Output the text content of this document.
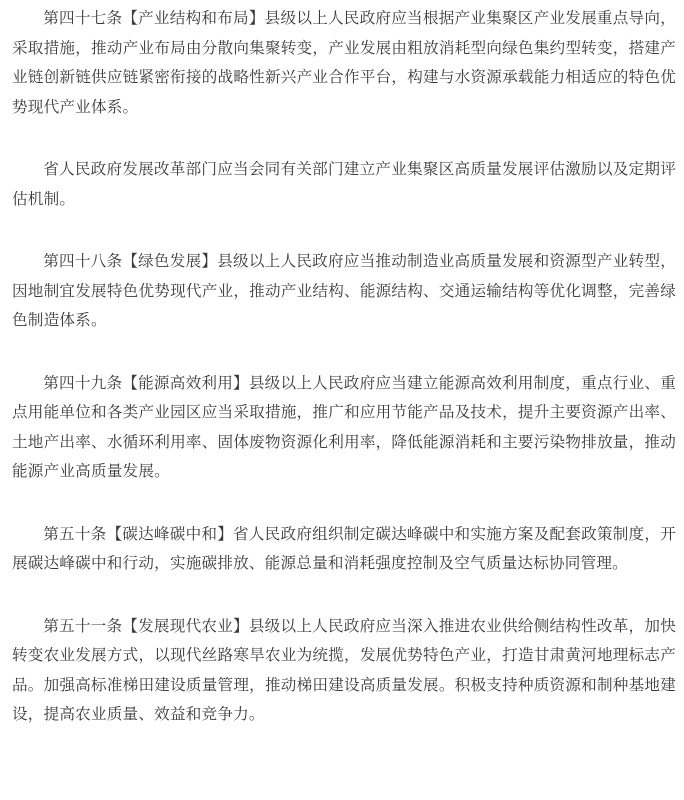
第四十七条【产业结构和布局】县级以上人民政府应当根据产业集聚区产业发展重点导向，采取措施，推动产业布局由分散向集聚转变，产业发展由粗放消耗型向绿色集约型转变，搭建产业链创新链供应链紧密衔接的战略性新兴产业合作平台，构建与水资源承载能力相适应的特色优势现代产业体系。

省人民政府发展改革部门应当会同有关部门建立产业集聚区高质量发展评估激励以及定期评估机制。

第四十八条【绿色发展】县级以上人民政府应当推动制造业高质量发展和资源型产业转型，因地制宜发展特色优势现代产业，推动产业结构、能源结构、交通运输结构等优化调整，完善绿色制造体系。

第四十九条【能源高效利用】县级以上人民政府应当建立能源高效利用制度，重点行业、重点用能单位和各类产业园区应当采取措施，推广和应用节能产品及技术，提升主要资源产出率、土地产出率、水循环利用率、固体废物资源化利用率，降低能源消耗和主要污染物排放量，推动能源产业高质量发展。

第五十条【碳达峰碳中和】省人民政府组织制定碳达峰碳中和实施方案及配套政策制度，开展碳达峰碳中和行动，实施碳排放、能源总量和消耗强度控制及空气质量达标协同管理。

第五十一条【发展现代农业】县级以上人民政府应当深入推进农业供给侧结构性改革，加快转变农业发展方式，以现代丝路寒旱农业为统揽，发展优势特色产业，打造甘肃黄河地理标志产品。加强高标准梯田建设质量管理，推动梯田建设高质量发展。积极支持种质资源和制种基地建设，提高农业质量、效益和竞争力。
